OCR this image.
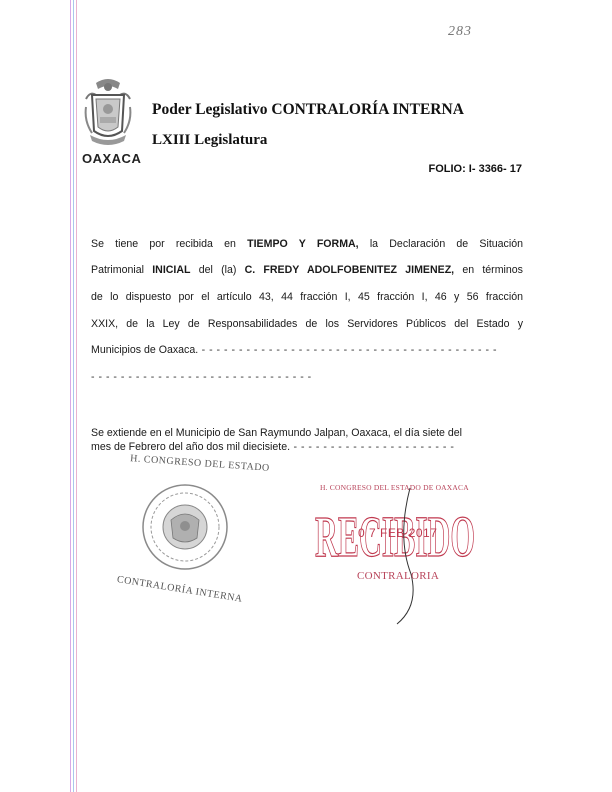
283
OAXACA
Poder Legislativo CONTRALORÍA INTERNA
LXIII Legislatura
FOLIO: I- 3366- 17
Se tiene por recibida en TIEMPO Y FORMA, la Declaración de Situación
Patrimonial INICIAL del (la) C. FREDY ADOLFOBENITEZ JIMENEZ, en términos
de lo dispuesto por el artículo 43, 44 fracción I, 45 fracción I, 46 y 56 fracción
XXIX, de la Ley de Responsabilidades de los Servidores Públicos del Estado y
Municipios de Oaxaca. - - - - - - - - - - - - - - - - - - - - - - - - - - - - - - - - - - - - - - - -
- - - - - - - - - - - - - - - - - - - - - - - - - - - - - -
Se extiende en el Municipio de San Raymundo Jalpan, Oaxaca, el día siete del
mes de Febrero del año dos mil diecisiete. - - - - - - - - - - - - - - - - - - - - - -
H. CONGRESO DEL ESTADO
CONTRALORÍA INTERNA
RECIBIDO
H. CONGRESO DEL ESTADO DE OAXACA
0 7 FEB 2017
CONTRALORIA
